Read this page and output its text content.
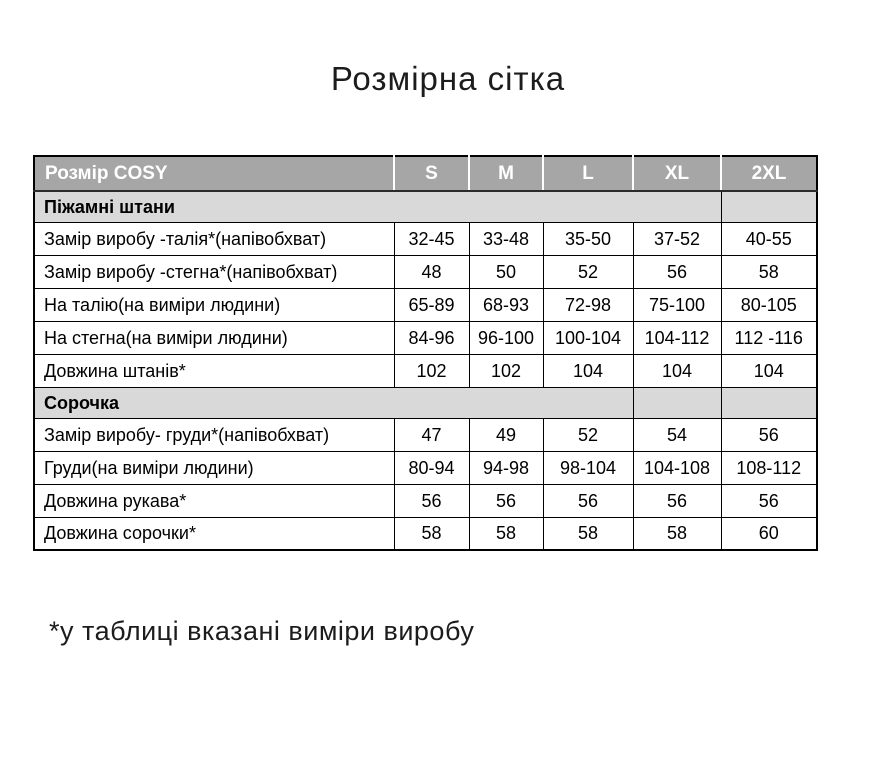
Розмірна сітка
Розмір COSY	S	M	L	XL	2XL
Піжамні штани					
Замір виробу -талія*(напівобхват)	32-45	33-48	35-50	37-52	40-55
Замір виробу -стегна*(напівобхват)	48	50	52	56	58
На талію(на виміри людини)	65-89	68-93	72-98	75-100	80-105
На стегна(на виміри людини)	84-96	96-100	100-104	104-112	112 -116
Довжина штанів*	102	102	104	104	104
Сорочка					
Замір виробу- груди*(напівобхват)	47	49	52	54	56
Груди(на виміри людини)	80-94	94-98	98-104	104-108	108-112
Довжина рукава*	56	56	56	56	56
Довжина сорочки*	58	58	58	58	60
*у таблиці вказані виміри виробу
